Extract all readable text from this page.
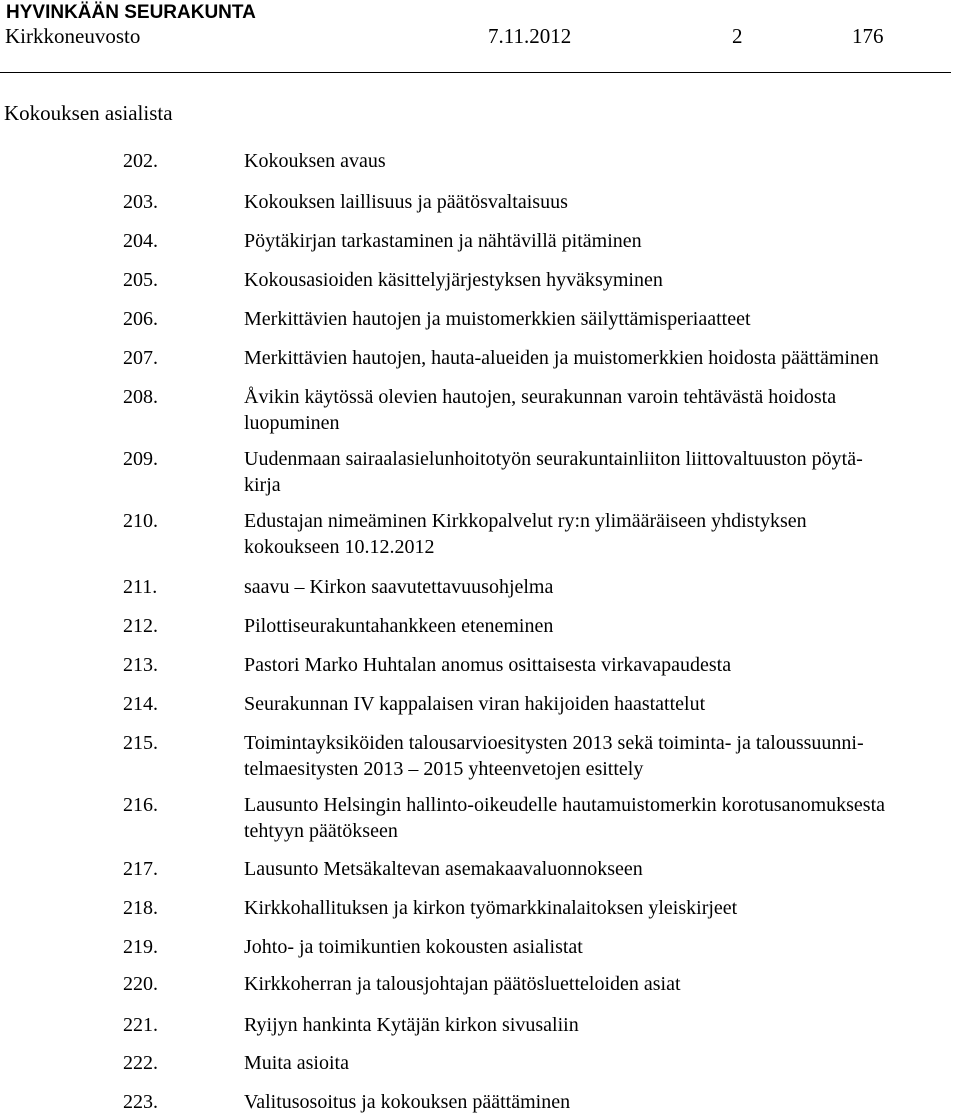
HYVINKÄÄN SEURAKUNTA
Kirkkoneuvosto	7.11.2012	2	176
Kokouksen asialista
202.	Kokouksen avaus
203.	Kokouksen laillisuus ja päätösvaltaisuus
204.	Pöytäkirjan tarkastaminen ja nähtävillä pitäminen
205.	Kokousasioiden käsittelyjärjestyksen hyväksyminen
206.	Merkittävien hautojen ja muistomerkkien säilyttämisperiaatteet
207.	Merkittävien hautojen, hauta-alueiden ja muistomerkkien hoidosta päättäminen
208.	Åvikin käytössä olevien hautojen, seurakunnan varoin tehtävästä hoidosta
luopuminen
209.	Uudenmaan sairaalasielunhoitotyön seurakuntainliiton liittovaltuuston pöytä-
kirja
210.	Edustajan nimeäminen Kirkkopalvelut ry:n ylimääräiseen yhdistyksen
kokoukseen 10.12.2012
211.	saavu – Kirkon saavutettavuusohjelma
212.	Pilottiseurakuntahankkeen eteneminen
213.	Pastori Marko Huhtalan anomus osittaisesta virkavapaudesta
214.	Seurakunnan IV kappalaisen viran hakijoiden haastattelut
215.	Toimintayksiköiden talousarvioesitysten 2013 sekä toiminta- ja taloussuunni-
telmaesitysten 2013 – 2015 yhteenvetojen esittely
216.	Lausunto Helsingin hallinto-oikeudelle hautamuistomerkin korotusanomuksesta
tehtyyn päätökseen
217.	Lausunto Metsäkaltevan asemakaavaluonnokseen
218.	Kirkkohallituksen ja kirkon työmarkkinalaitoksen yleiskirjeet
219.	Johto- ja toimikuntien kokousten asialistat
220.	Kirkkoherran ja talousjohtajan päätösluetteloiden asiat
221.	Ryijyn hankinta Kytäjän kirkon sivusaliin
222.	Muita asioita
223.	Valitusosoitus ja kokouksen päättäminen
